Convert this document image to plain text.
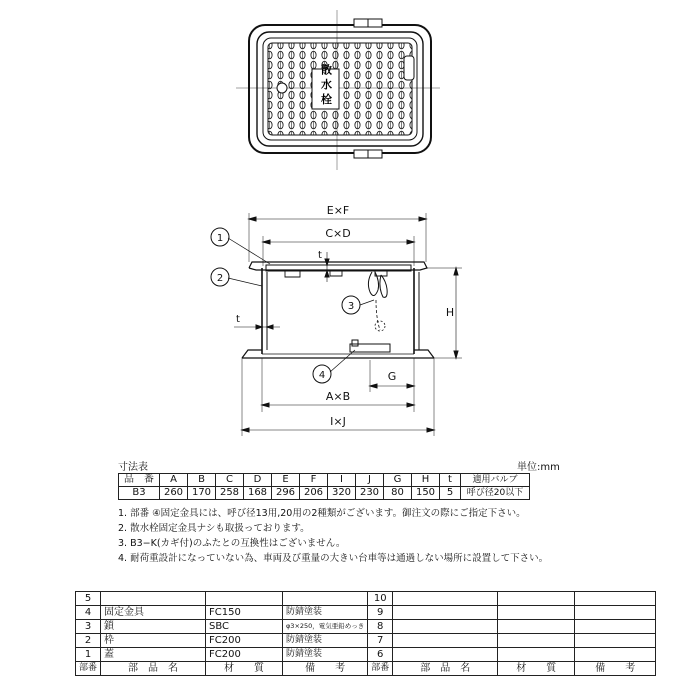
散 水 栓
E×F
C×D
A×B
I×J
H
G
t
t
1
2
3
4
寸法表	単位:mm
品　番	A	B	C	D	E	F	I	J	G	H	t	適用バルブ
B3	260	170	258	168	296	206	320	230	80	150	5	呼び径20以下
1. 部番 ④固定金具には、呼び径13用,20用の2種類がございます。御注文の際にご指定下さい。
2. 散水栓固定金具ナシも取扱っております。
3. B3−K(カギ付)のふたとの互換性はございません。
4. 耐荷重設計になっていない為、車両及び重量の大きい台車等は通過しない場所に設置して下さい。
5				10			
4	固定金具	FC150	防錆塗装	9			
3	鎖	SBC	φ3×250，電気亜鉛めっき	8			
2	枠	FC200	防錆塗装	7			
1	蓋	FC200	防錆塗装	6			
部番	部　品　名	材　　質	備　　考	部番	部　品　名	材　　質	備　　考
